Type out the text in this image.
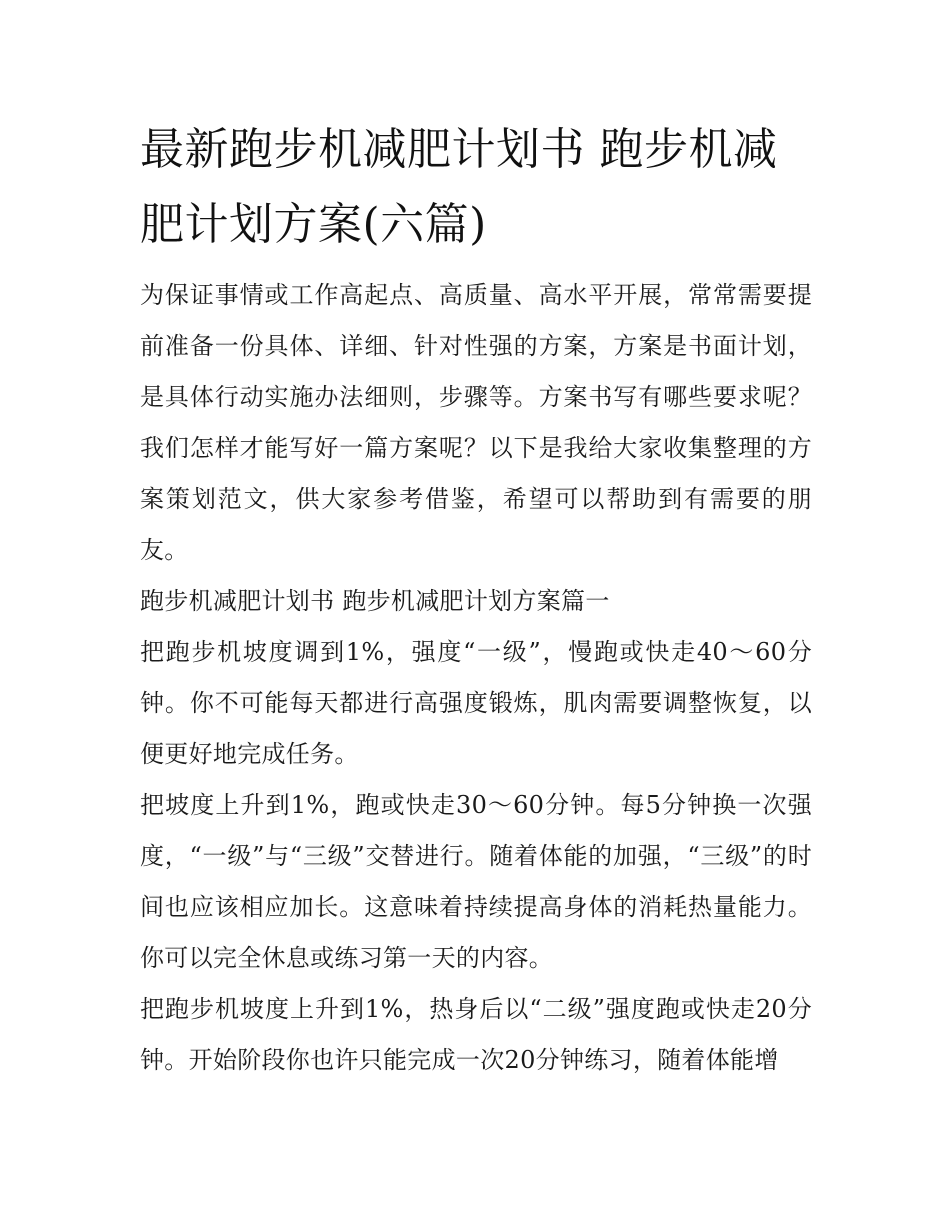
最新跑步机减肥计划书 跑步机减肥计划方案(六篇)

为保证事情或工作高起点、高质量、高水平开展，常常需要提前准备一份具体、详细、针对性强的方案，方案是书面计划，是具体行动实施办法细则，步骤等。方案书写有哪些要求呢？我们怎样才能写好一篇方案呢？以下是我给大家收集整理的方案策划范文，供大家参考借鉴，希望可以帮助到有需要的朋友。

跑步机减肥计划书 跑步机减肥计划方案篇一

把跑步机坡度调到1%，强度“一级”，慢跑或快走40～60分钟。你不可能每天都进行高强度锻炼，肌肉需要调整恢复，以便更好地完成任务。

把坡度上升到1%，跑或快走30～60分钟。每5分钟换一次强度，“一级”与“三级”交替进行。随着体能的加强，“三级”的时间也应该相应加长。这意味着持续提高身体的消耗热量能力。你可以完全休息或练习第一天的内容。

把跑步机坡度上升到1%，热身后以“二级”强度跑或快走20分钟。开始阶段你也许只能完成一次20分钟练习，随着体能增
